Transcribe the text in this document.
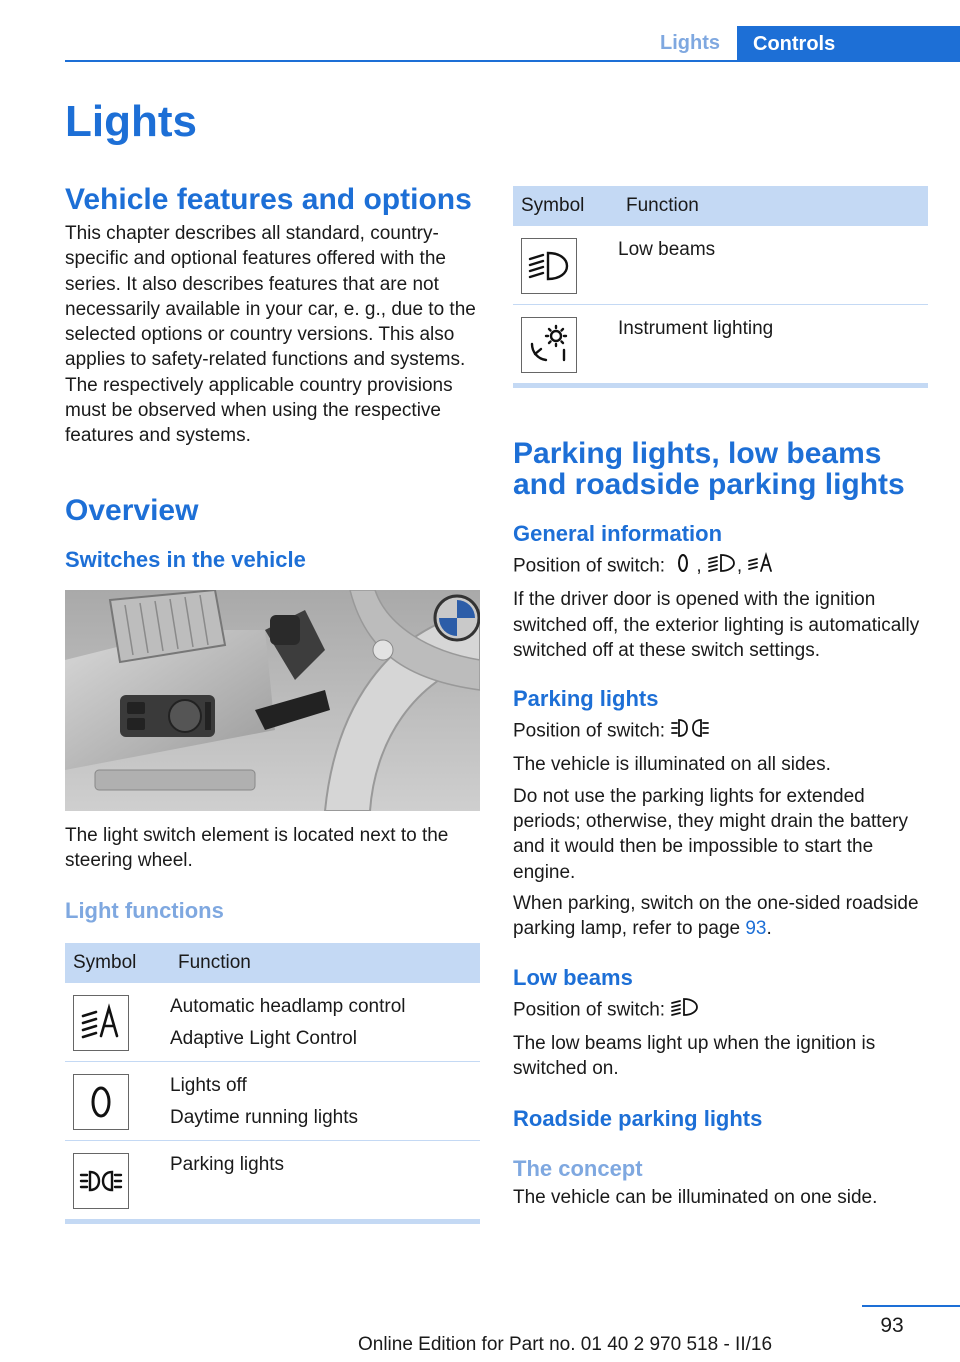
Lights	Controls
Lights
Vehicle features and options
This chapter describes all standard, country-specific and optional features offered with the series. It also describes features that are not necessarily available in your car, e. g., due to the selected options or country versions. This also applies to safety-related functions and systems. The respectively applicable country provisions must be observed when using the respective features and systems.
Overview
Switches in the vehicle
The light switch element is located next to the steering wheel.
Light functions
Symbol	Function

Automatic headlamp control
Adaptive Light Control

Lights off
Daytime running lights

Parking lights
Symbol	Function

Low beams

Instrument lighting
Parking lights, low beams and roadside parking lights
General information
Position of switch: , ,
If the driver door is opened with the ignition switched off, the exterior lighting is automatically switched off at these switch settings.
Parking lights
Position of switch:
The vehicle is illuminated on all sides.
Do not use the parking lights for extended periods; otherwise, they might drain the battery and it would then be impossible to start the engine.
When parking, switch on the one-sided roadside parking lamp, refer to page 93.
Low beams
Position of switch:
The low beams light up when the ignition is switched on.
Roadside parking lights
The concept
The vehicle can be illuminated on one side.
93
Online Edition for Part no. 01 40 2 970 518 - II/16
